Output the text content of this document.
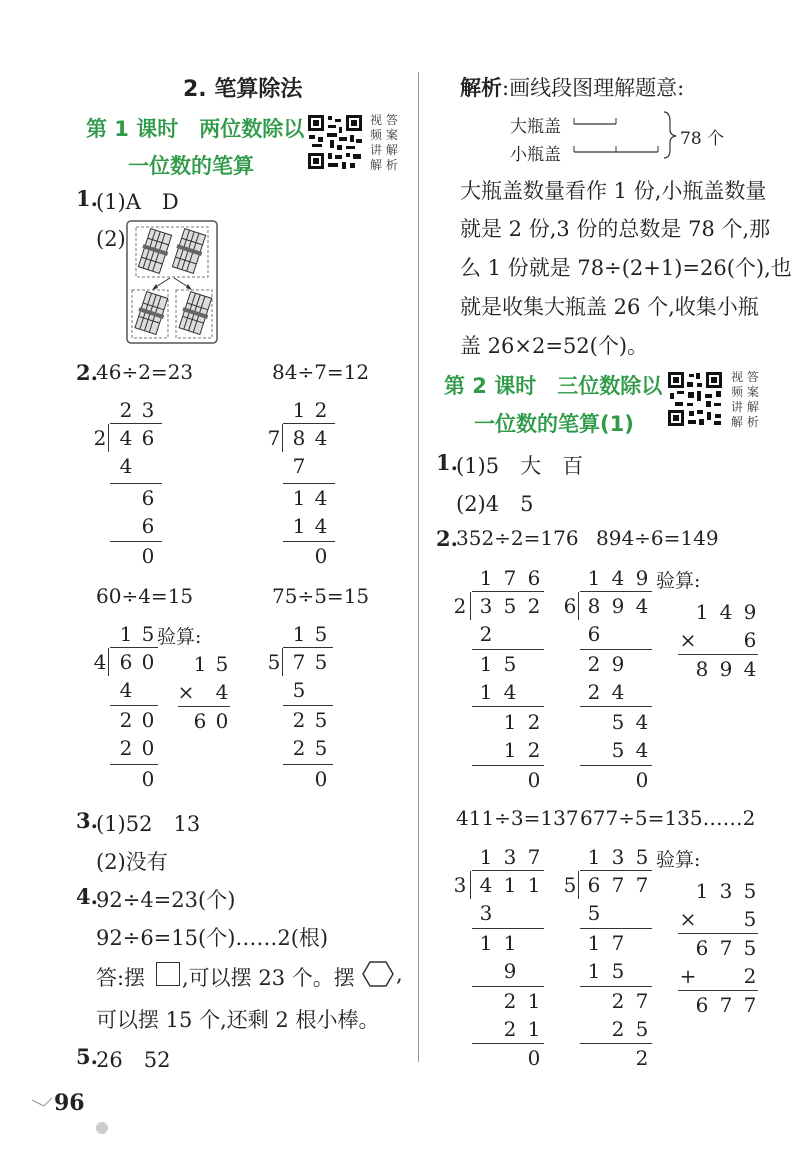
2. 笔算除法
第 1 课时　两位数除以
一位数的笔算
视 答
频 案
讲 解
解 析
1.
(1)A　D
(2)
2.
46÷2=23	84÷7=12
2 3
2 4 6
4
6
6
0
1 2
7 8 4
7
1 4
1 4
0
60÷4=15	75÷5=15
1 5
4 6 0
4
2 0
2 0
0
验算:
1 5
× 4
6 0
1 5
5 7 5
5
2 5
2 5
0
3.
(1)52　13
(2)没有
4.
92÷4=23(个)
92÷6=15(个)……2(根)
答:摆 ,可以摆 23 个。摆 ,
可以摆 15 个,还剩 2 根小棒。
5.
26　52
96
解析:画线段图理解题意:
大瓶盖
小瓶盖
78 个
大瓶盖数量看作 1 份,小瓶盖数量
就是 2 份,3 份的总数是 78 个,那
么 1 份就是 78÷(2+1)=26(个),也
就是收集大瓶盖 26 个,收集小瓶
盖 26×2=52(个)。
第 2 课时　三位数除以
一位数的笔算(1)
视 答
频 案
讲 解
解 析
1.
(1)5　大　百
(2)4　5
2.
352÷2=176 894÷6=149
1 7 6
2 3 5 2
2
1 5
1 4
1 2
1 2
0
1 4 9
6 8 9 4
6
2 9
2 4
5 4
5 4
0
验算:
1 4 9
× 6
8 9 4
411÷3=137 677÷5=135……2
1 3 7
3 4 1 1
3
1 1
9
2 1
2 1
0
1 3 5
5 6 7 7
5
1 7
1 5
2 7
2 5
2
验算:
1 3 5
× 5
6 7 5
+ 2
6 7 7
